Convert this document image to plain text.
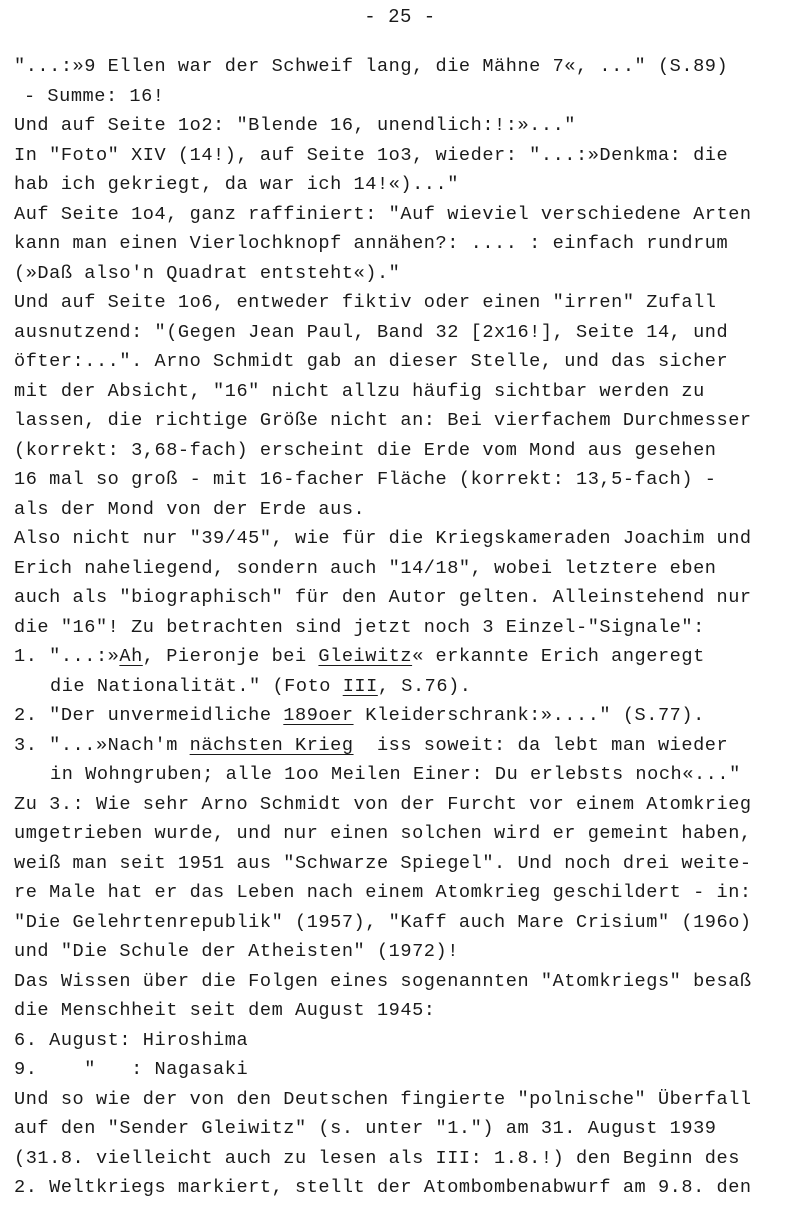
- 25 -
"...:»9 Ellen war der Schweif lang, die Mähne 7«, ..." (S.89)
- Summe: 16!
Und auf Seite 1o2: "Blende 16, unendlich:!:»..."
In "Foto" XIV (14!), auf Seite 1o3, wieder: "...:»Denkma: die
hab ich gekriegt, da war ich 14!«)..."
Auf Seite 1o4, ganz raffiniert: "Auf wieviel verschiedene Arten
kann man einen Vierlochknopf annähen?: .... : einfach rundrum
(»Daß also'n Quadrat entsteht«)."
Und auf Seite 1o6, entweder fiktiv oder einen "irren" Zufall
ausnutzend: "(Gegen Jean Paul, Band 32 [2x16!], Seite 14, und
öfter:...". Arno Schmidt gab an dieser Stelle, und das sicher
mit der Absicht, "16" nicht allzu häufig sichtbar werden zu
lassen, die richtige Größe nicht an: Bei vierfachem Durchmesser
(korrekt: 3,68-fach) erscheint die Erde vom Mond aus gesehen
16 mal so groß - mit 16-facher Fläche (korrekt: 13,5-fach) -
als der Mond von der Erde aus.
Also nicht nur "39/45", wie für die Kriegskameraden Joachim und
Erich naheliegend, sondern auch "14/18", wobei letztere eben
auch als "biographisch" für den Autor gelten. Alleinstehend nur
die "16"! Zu betrachten sind jetzt noch 3 Einzel-"Signale":
1. "...:»Ah, Pieronje bei Gleiwitz« erkannte Erich angeregt
die Nationalität." (Foto III, S.76).
2. "Der unvermeidliche 189oer Kleiderschrank:»...." (S.77).
3. "...»Nach'm nächsten Krieg  iss soweit: da lebt man wieder
in Wohngruben; alle 1oo Meilen Einer: Du erlebsts noch«..."
Zu 3.: Wie sehr Arno Schmidt von der Furcht vor einem Atomkrieg
umgetrieben wurde, und nur einen solchen wird er gemeint haben,
weiß man seit 1951 aus "Schwarze Spiegel". Und noch drei weite-
re Male hat er das Leben nach einem Atomkrieg geschildert - in:
"Die Gelehrtenrepublik" (1957), "Kaff auch Mare Crisium" (196o)
und "Die Schule der Atheisten" (1972)!
Das Wissen über die Folgen eines sogenannten "Atomkriegs" besaß
die Menschheit seit dem August 1945:
6. August: Hiroshima
9.    "   : Nagasaki
Und so wie der von den Deutschen fingierte "polnische" Überfall
auf den "Sender Gleiwitz" (s. unter "1.") am 31. August 1939
(31.8. vielleicht auch zu lesen als III: 1.8.!) den Beginn des
2. Weltkriegs markiert, stellt der Atombombenabwurf am 9.8. den
